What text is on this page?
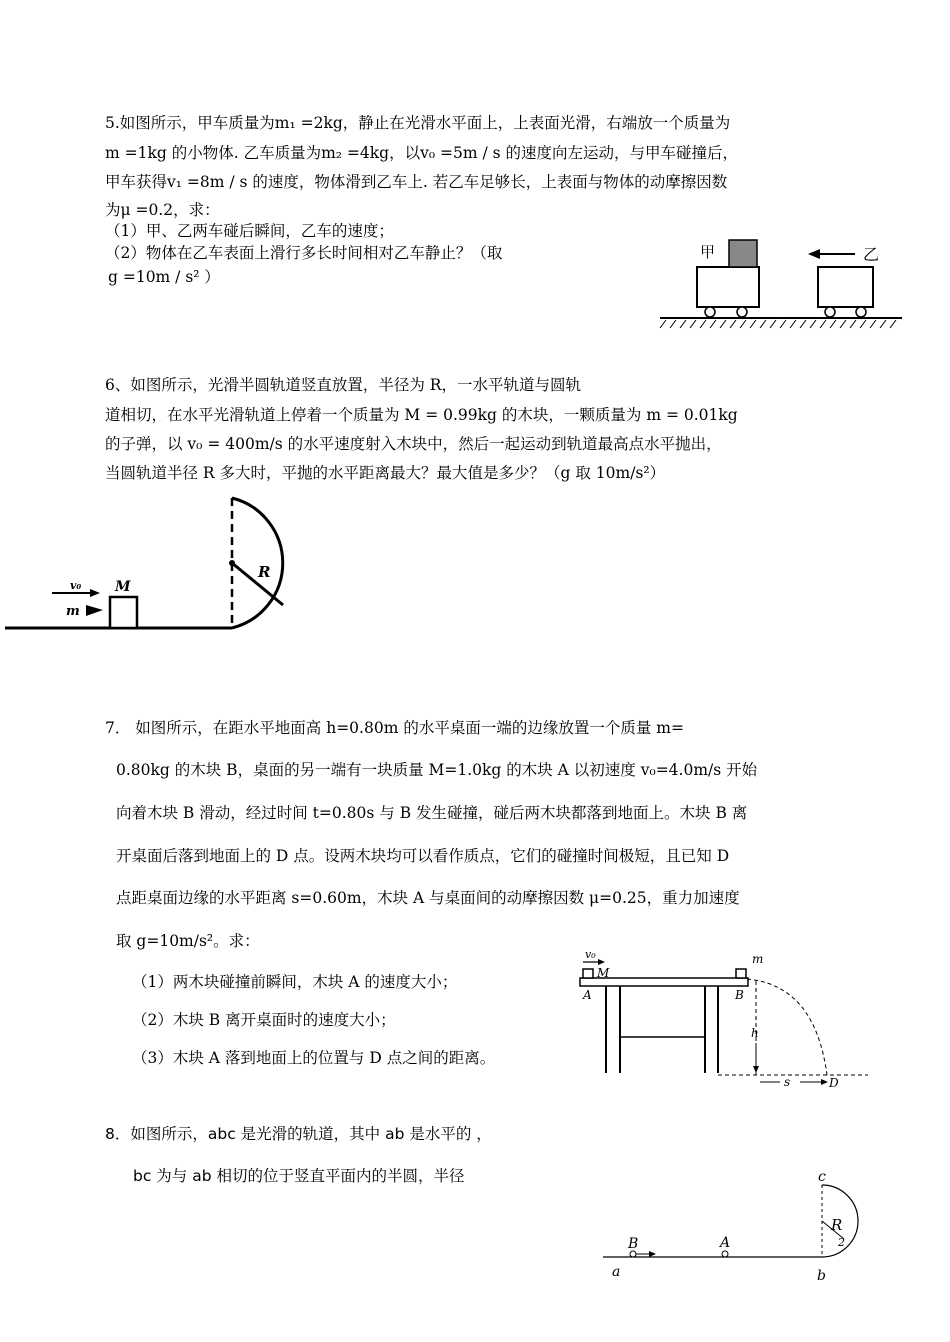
5.如图所示，甲车质量为m₁ =2kg，静止在光滑水平面上，上表面光滑，右端放一个质量为
m =1kg 的小物体. 乙车质量为m₂ =4kg，以v₀ =5m / s 的速度向左运动，与甲车碰撞后，
甲车获得v₁ =8m / s 的速度，物体滑到乙车上. 若乙车足够长，上表面与物体的动摩擦因数
为μ =0.2，求：
（1）甲、乙两车碰后瞬间，乙车的速度；
（2）物体在乙车表面上滑行多长时间相对乙车静止？（取
g =10m / s² ）
甲	乙
6、如图所示，光滑半圆轨道竖直放置，半径为 R，一水平轨道与圆轨
道相切，在水平光滑轨道上停着一个质量为 M = 0.99kg 的木块，一颗质量为 m = 0.01kg
的子弹，以 v₀ = 400m/s 的水平速度射入木块中，然后一起运动到轨道最高点水平抛出，
当圆轨道半径 R 多大时，平抛的水平距离最大？最大值是多少？（g 取 10m/s²）
R
M
v₀
m
7． 如图所示，在距水平地面高 h=0.80m 的水平桌面一端的边缘放置一个质量 m=
0.80kg 的木块 B，桌面的另一端有一块质量 M=1.0kg 的木块 A 以初速度 v₀=4.0m/s 开始
向着木块 B 滑动，经过时间 t=0.80s 与 B 发生碰撞，碰后两木块都落到地面上。木块 B 离
开桌面后落到地面上的 D 点。设两木块均可以看作质点，它们的碰撞时间极短，且已知 D
点距桌面边缘的水平距离 s=0.60m，木块 A 与桌面间的动摩擦因数 μ=0.25，重力加速度
取 g=10m/s²。求：
（1）两木块碰撞前瞬间，木块 A 的速度大小；
（2）木块 B 离开桌面时的速度大小；
（3）木块 A 落到地面上的位置与 D 点之间的距离。
v₀
M
A
m
B
h
s	D
8．如图所示，abc 是光滑的轨道，其中 ab 是水平的 ，
bc 为与 ab 相切的位于竖直平面内的半圆，半径	c
R
2
B	A
a	b
